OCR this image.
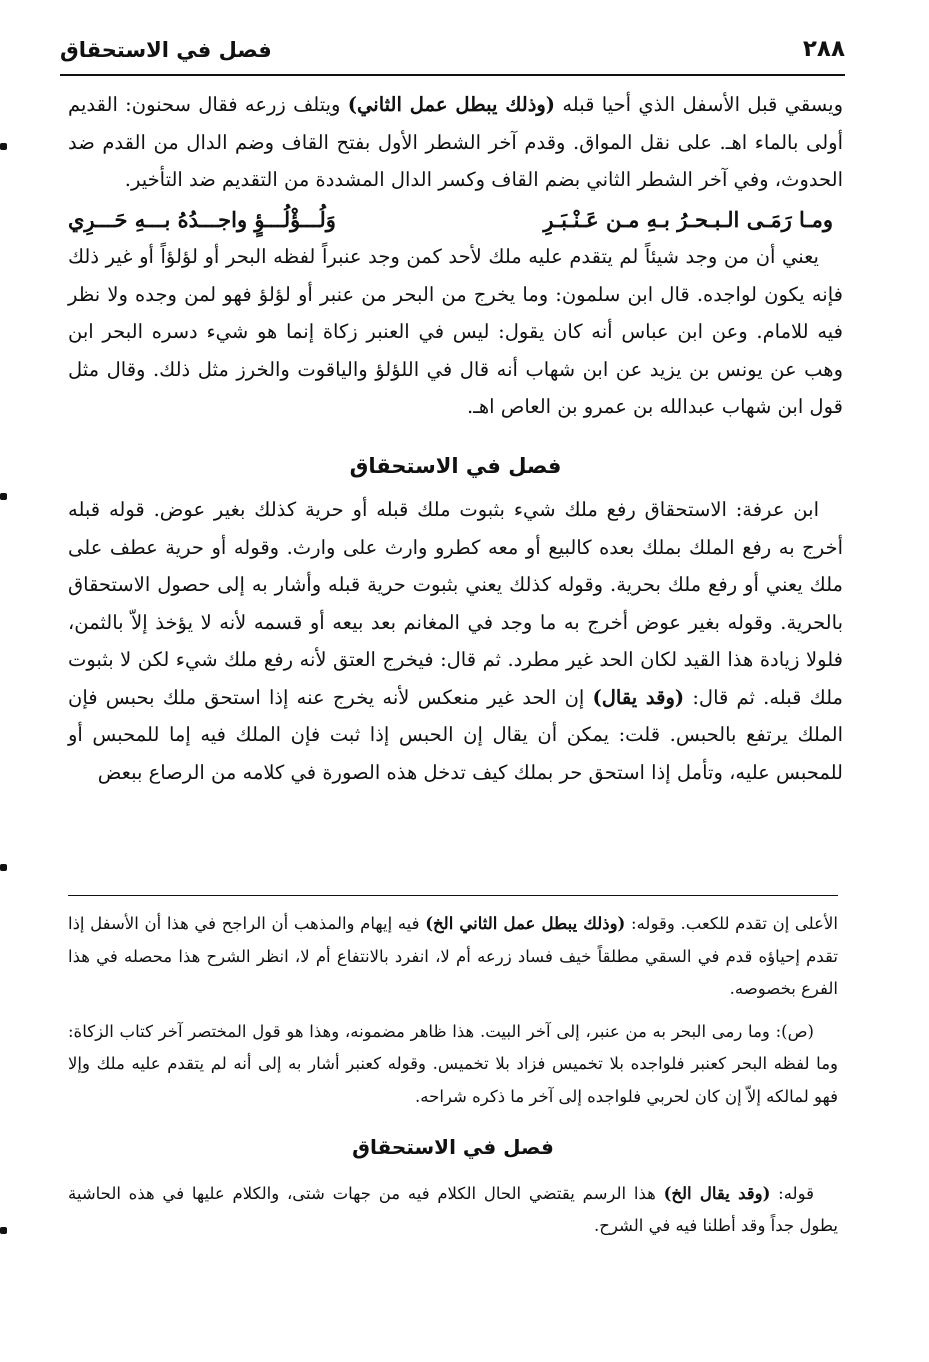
٢٨٨
فصل في الاستحقاق

ويسقي قبل الأسفل الذي أحيا قبله (وذلك يبطل عمل الثاني) ويتلف زرعه فقال سحنون: القديم أولى بالماء اهـ. على نقل المواق. وقدم آخر الشطر الأول بفتح القاف وضم الدال من القدم ضد الحدوث، وفي آخر الشطر الثاني بضم القاف وكسر الدال المشددة من التقديم ضد التأخير.

ومـا رَمَـى الـبـحـرُ بـهِ مـن عَـنْـبَـرِ
وَلُـــؤْلُـــؤٍ واجـــدُهُ بـــهِ حَـــرِي

يعني أن من وجد شيئاً لم يتقدم عليه ملك لأحد كمن وجد عنبراً لفظه البحر أو لؤلؤاً أو غير ذلك فإنه يكون لواجده. قال ابن سلمون: وما يخرج من البحر من عنبر أو لؤلؤ فهو لمن وجده ولا نظر فيه للامام. وعن ابن عباس أنه كان يقول: ليس في العنبر زكاة إنما هو شيء دسره البحر ابن وهب عن يونس بن يزيد عن ابن شهاب أنه قال في اللؤلؤ والياقوت والخرز مثل ذلك. وقال مثل قول ابن شهاب عبدالله بن عمرو بن العاص اهـ.

فصل في الاستحقاق

ابن عرفة: الاستحقاق رفع ملك شيء بثبوت ملك قبله أو حرية كذلك بغير عوض. قوله قبله أخرج به رفع الملك بملك بعده كالبيع أو معه كطرو وارث على وارث. وقوله أو حرية عطف على ملك يعني أو رفع ملك بحرية. وقوله كذلك يعني بثبوت حرية قبله وأشار به إلى حصول الاستحقاق بالحرية. وقوله بغير عوض أخرج به ما وجد في المغانم بعد بيعه أو قسمه لأنه لا يؤخذ إلاّ بالثمن، فلولا زيادة هذا القيد لكان الحد غير مطرد. ثم قال: فيخرج العتق لأنه رفع ملك شيء لكن لا بثبوت ملك قبله. ثم قال: (وقد يقال) إن الحد غير منعكس لأنه يخرج عنه إذا استحق ملك بحبس فإن الملك يرتفع بالحبس. قلت: يمكن أن يقال إن الحبس إذا ثبت فإن الملك فيه إما للمحبس أو للمحبس عليه، وتأمل إذا استحق حر بملك كيف تدخل هذه الصورة في كلامه من الرصاع ببعض

الأعلى إن تقدم للكعب. وقوله: (وذلك يبطل عمل الثاني الخ) فيه إيهام والمذهب أن الراجح في هذا أن الأسفل إذا تقدم إحياؤه قدم في السقي مطلقاً خيف فساد زرعه أم لا، انفرد بالانتفاع أم لا، انظر الشرح هذا محصله في هذا الفرع بخصوصه.

(ص): وما رمى البحر به من عنبر، إلى آخر البيت. هذا ظاهر مضمونه، وهذا هو قول المختصر آخر كتاب الزكاة: وما لفظه البحر كعنبر فلواجده بلا تخميس فزاد بلا تخميس. وقوله كعنبر أشار به إلى أنه لم يتقدم عليه ملك وإلا فهو لمالكه إلاّ إن كان لحربي فلواجده إلى آخر ما ذكره شراحه.

فصل في الاستحقاق

قوله: (وقد يقال الخ) هذا الرسم يقتضي الحال الكلام فيه من جهات شتى، والكلام عليها في هذه الحاشية يطول جداً وقد أطلنا فيه في الشرح.
